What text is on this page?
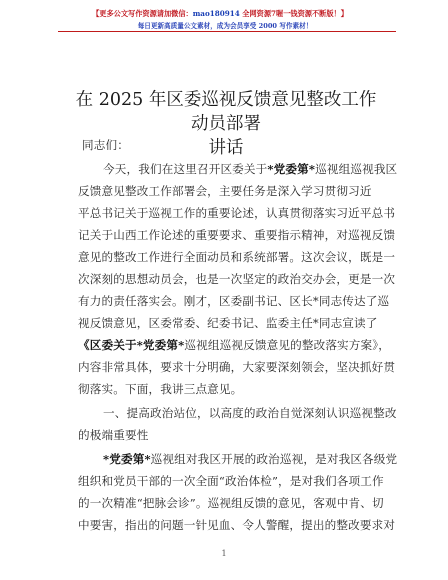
【更多公文写作资源请加微信：mao180914 全网资源7喔一钱资源不断版！】
每日更新高质量公文素材，成为会员享受 2000 写作素材！
在 2025 年区委巡视反馈意见整改工作动员部署
讲话
同志们：
今天，我们在这里召开区委关于*党委第*巡视组巡视我区
反馈意见整改工作部署会，主要任务是深入学习贯彻习近
平总书记关于巡视工作的重要论述，认真贯彻落实习近平总书
记关于山西工作论述的重要要求、重要指示精神，对巡视反馈
意见的整改工作进行全面动员和系统部署。这次会议，既是一
次深刻的思想动员会，也是一次坚定的政治交办会，更是一次
有力的责任落实会。刚才，区委副书记、区长*同志传达了巡
视反馈意见，区委常委、纪委书记、监委主任*同志宣读了
《区委关于*党委第*巡视组巡视反馈意见的整改落实方案》，
内容非常具体，要求十分明确，大家要深刻领会，坚决抓好贯
彻落实。下面，我讲三点意见。
一、提高政治站位，以高度的政治自觉深刻认识巡视整改
的极端重要性
*党委第*巡视组对我区开展的政治巡视，是对我区各级党
组织和党员干部的一次全面“政治体检”，是对我们各项工作
的一次精准“把脉会诊”。巡视组反馈的意见，客观中肯、切
中要害，指出的问题一针见血、令人警醒，提出的整改要求对
1
